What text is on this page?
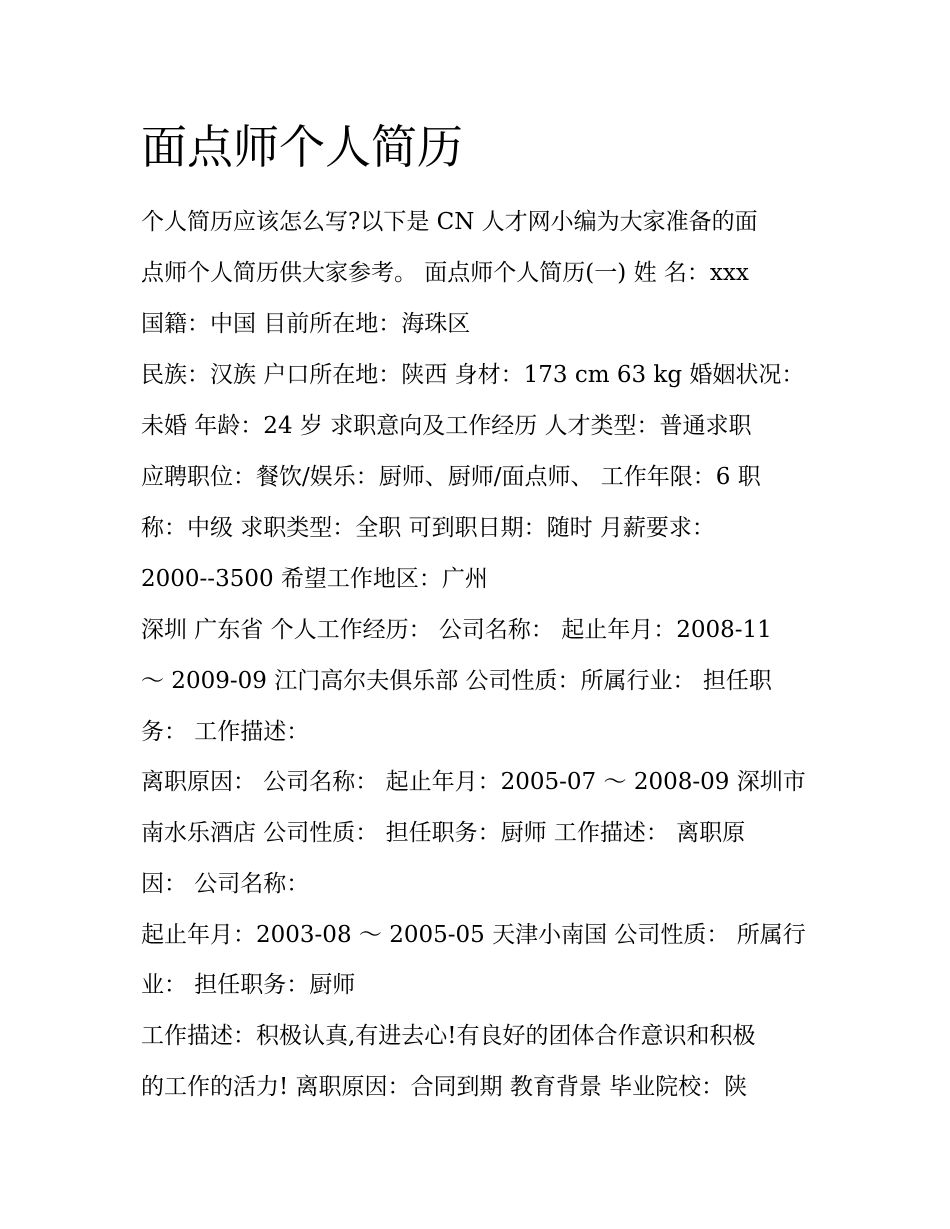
面点师个人简历

个人简历应该怎么写?以下是 CN 人才网小编为大家准备的面

点师个人简历供大家参考。 面点师个人简历(一) 姓 名：xxx

国籍：中国 目前所在地：海珠区

民族：汉族 户口所在地：陕西 身材：173 cm 63 kg 婚姻状况：

未婚 年龄：24 岁 求职意向及工作经历 人才类型：普通求职

应聘职位：餐饮/娱乐：厨师、厨师/面点师、 工作年限：6 职

称：中级 求职类型：全职 可到职日期：随时 月薪要求：

2000--3500 希望工作地区：广州

深圳 广东省 个人工作经历： 公司名称： 起止年月：2008-11

～ 2009-09 江门高尔夫俱乐部 公司性质：所属行业： 担任职

务： 工作描述：

离职原因： 公司名称： 起止年月：2005-07 ～ 2008-09 深圳市

南水乐酒店 公司性质： 担任职务：厨师 工作描述： 离职原

因： 公司名称：

起止年月：2003-08 ～ 2005-05 天津小南国 公司性质： 所属行

业： 担任职务：厨师

工作描述：积极认真,有进去心!有良好的团体合作意识和积极

的工作的活力! 离职原因：合同到期 教育背景 毕业院校：陕
